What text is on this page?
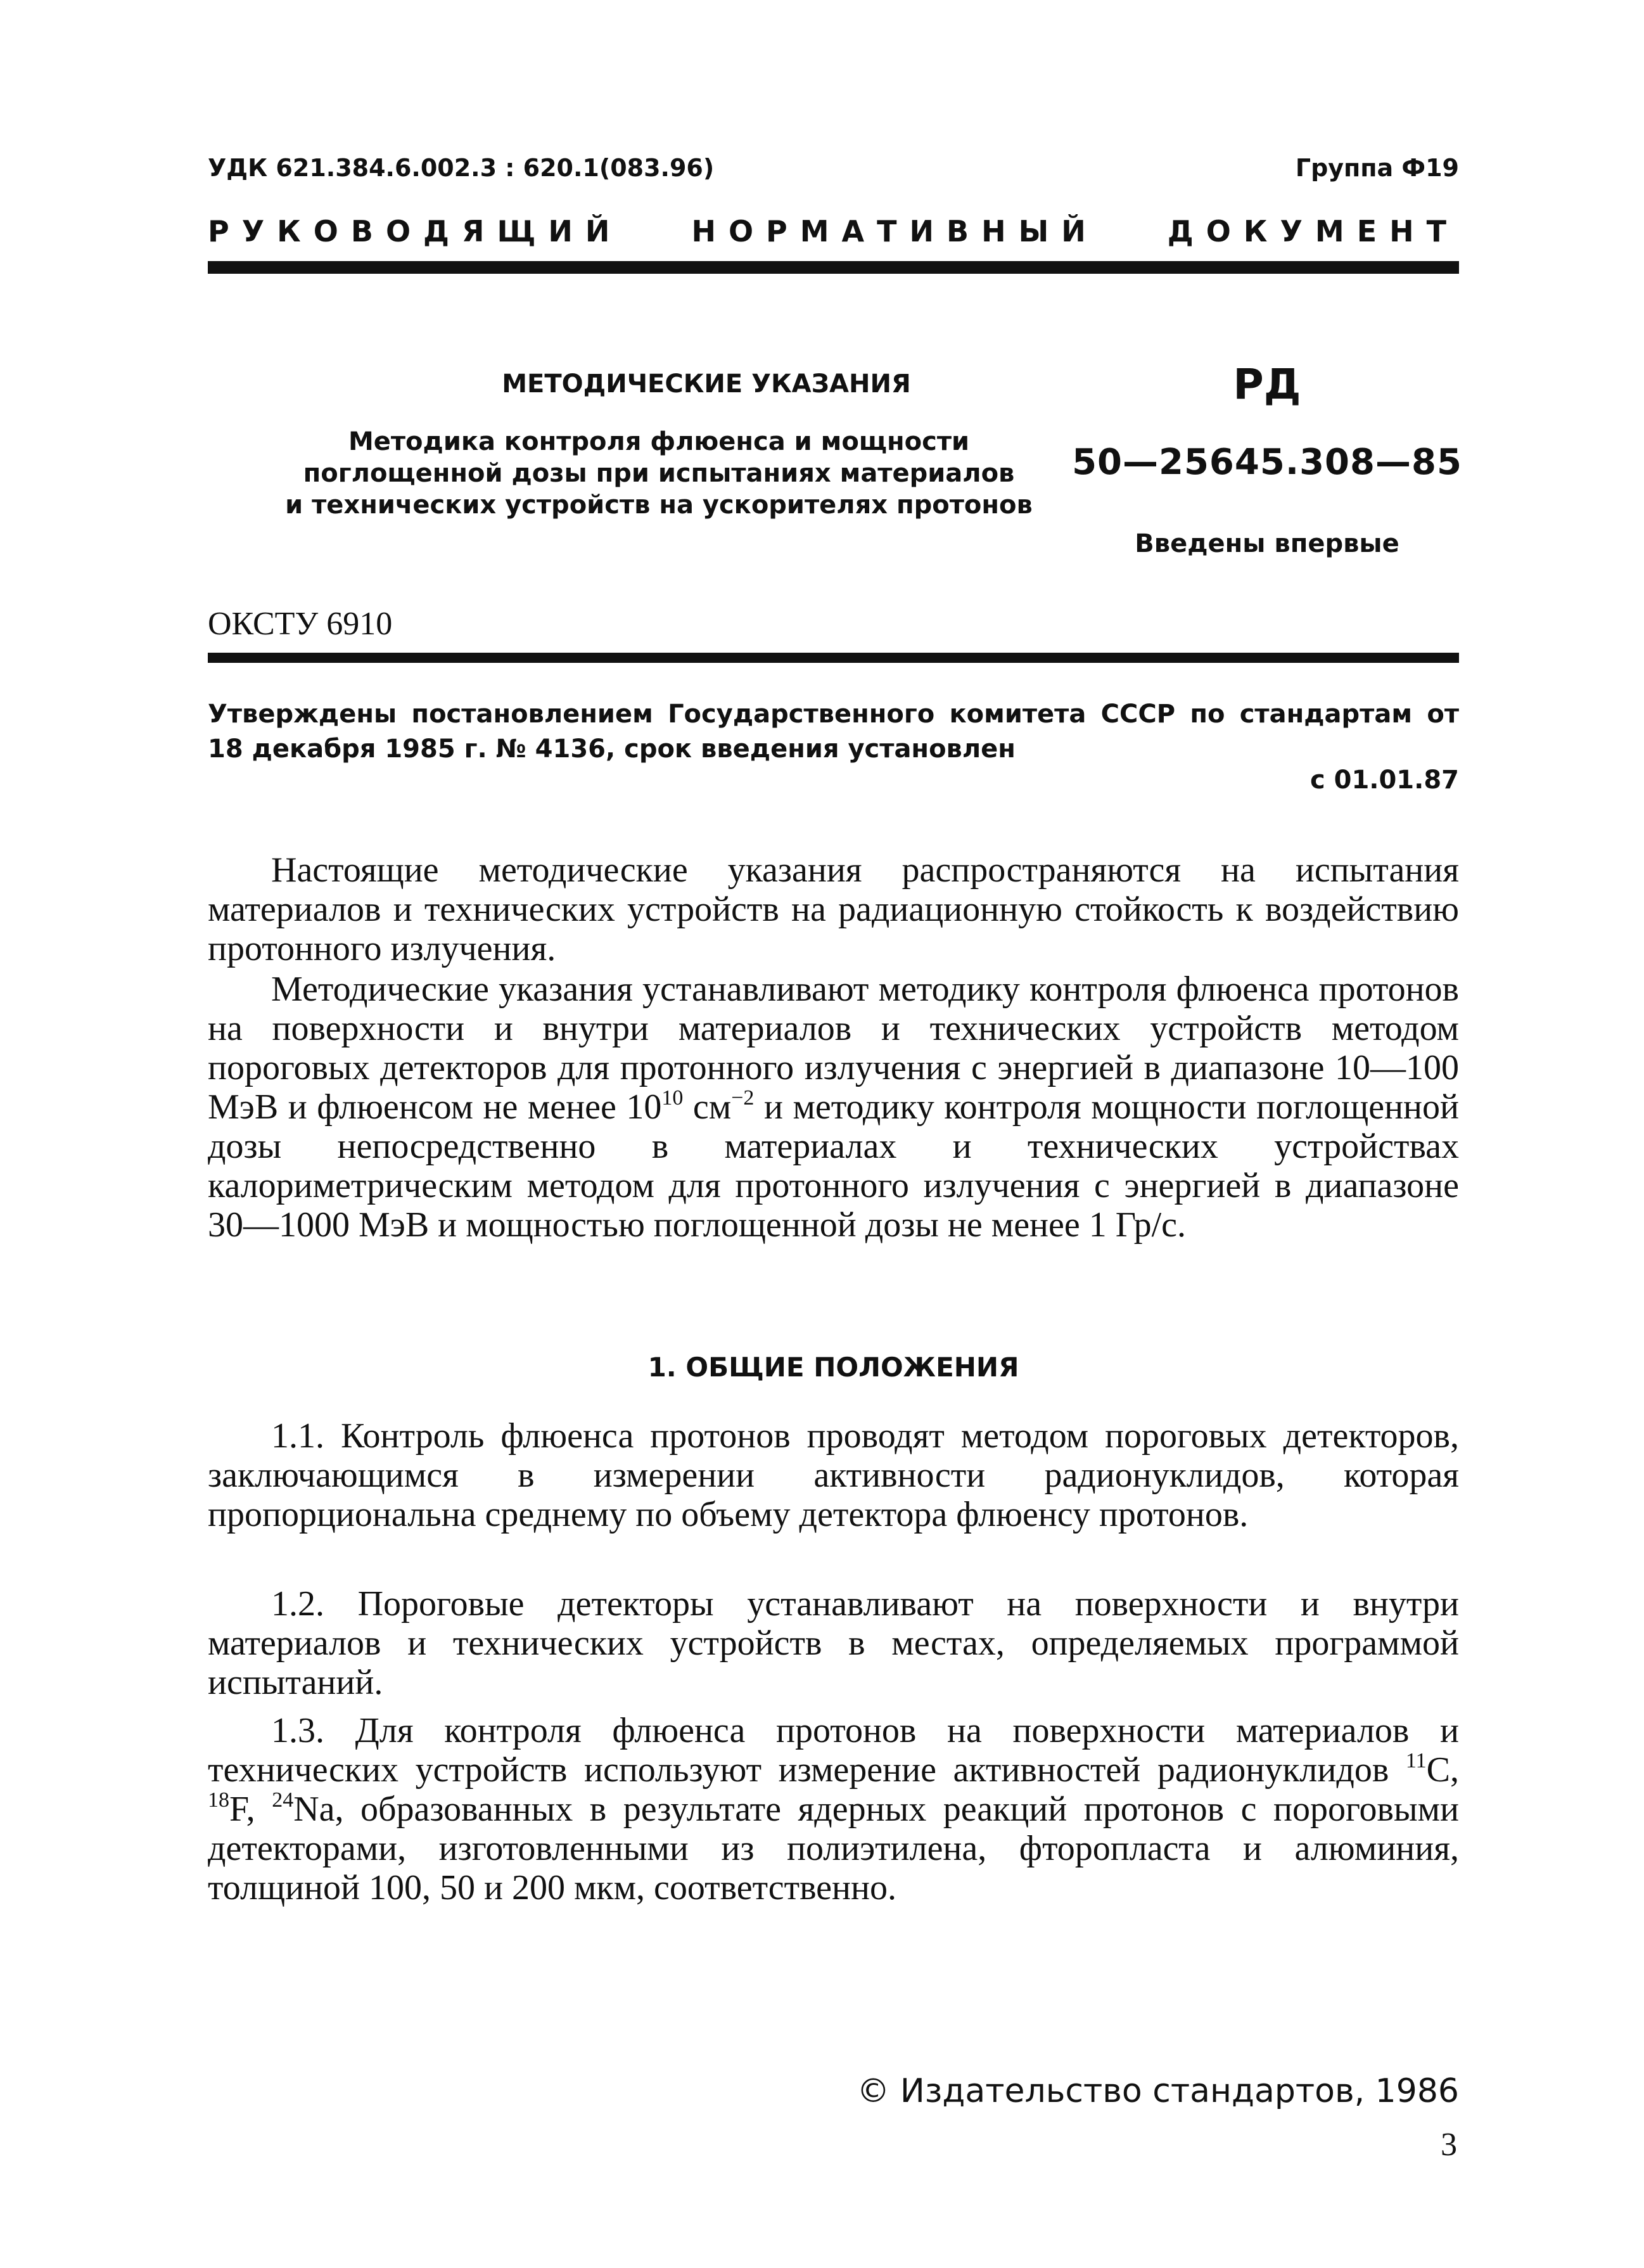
УДК 621.384.6.002.3 : 620.1(083.96)	Группа Ф19
РУКОВОДЯЩИЙ НОРМАТИВНЫЙ ДОКУМЕНТ
МЕТОДИЧЕСКИЕ УКАЗАНИЯ
Методика контроля флюенса и мощности
поглощенной дозы при испытаниях материалов
и технических устройств на ускорителях протонов
РД
50—25645.308—85
Введены впервые
ОКСТУ 6910
Утверждены постановлением Государственного комитета СССР по стандартам от 18 декабря 1985 г. № 4136, срок введения установлен
с 01.01.87
Настоящие методические указания распространяются на испытания материалов и технических устройств на радиационную стойкость к воздействию протонного излучения.
Методические указания устанавливают методику контроля флюенса протонов на поверхности и внутри материалов и технических устройств методом пороговых детекторов для протонного излучения с энергией в диапазоне 10—100 МэВ и флюенсом не менее $10^{10}$ $см^{-2}$ и методику контроля мощности поглощенной дозы непосредственно в материалах и технических устройствах калориметрическим методом для протонного излучения с энергией в диапазоне 30—1000 МэВ и мощностью поглощенной дозы не менее 1 Гр/с.
1. ОБЩИЕ ПОЛОЖЕНИЯ
1.1. Контроль флюенса протонов проводят методом пороговых детекторов, заключающимся в измерении активности радионуклидов, которая пропорциональна среднему по объему детектора флюенсу протонов.
1.2. Пороговые детекторы устанавливают на поверхности и внутри материалов и технических устройств в местах, определяемых программой испытаний.
1.3. Для контроля флюенса протонов на поверхности материалов и технических устройств используют измерение активностей радионуклидов $^{11}$C, $^{18}$F, $^{24}$Na, образованных в результате ядерных реакций протонов с пороговыми детекторами, изготовленными из полиэтилена, фторопласта и алюминия, толщиной 100, 50 и 200 мкм, соответственно.
© Издательство стандартов, 1986
3
